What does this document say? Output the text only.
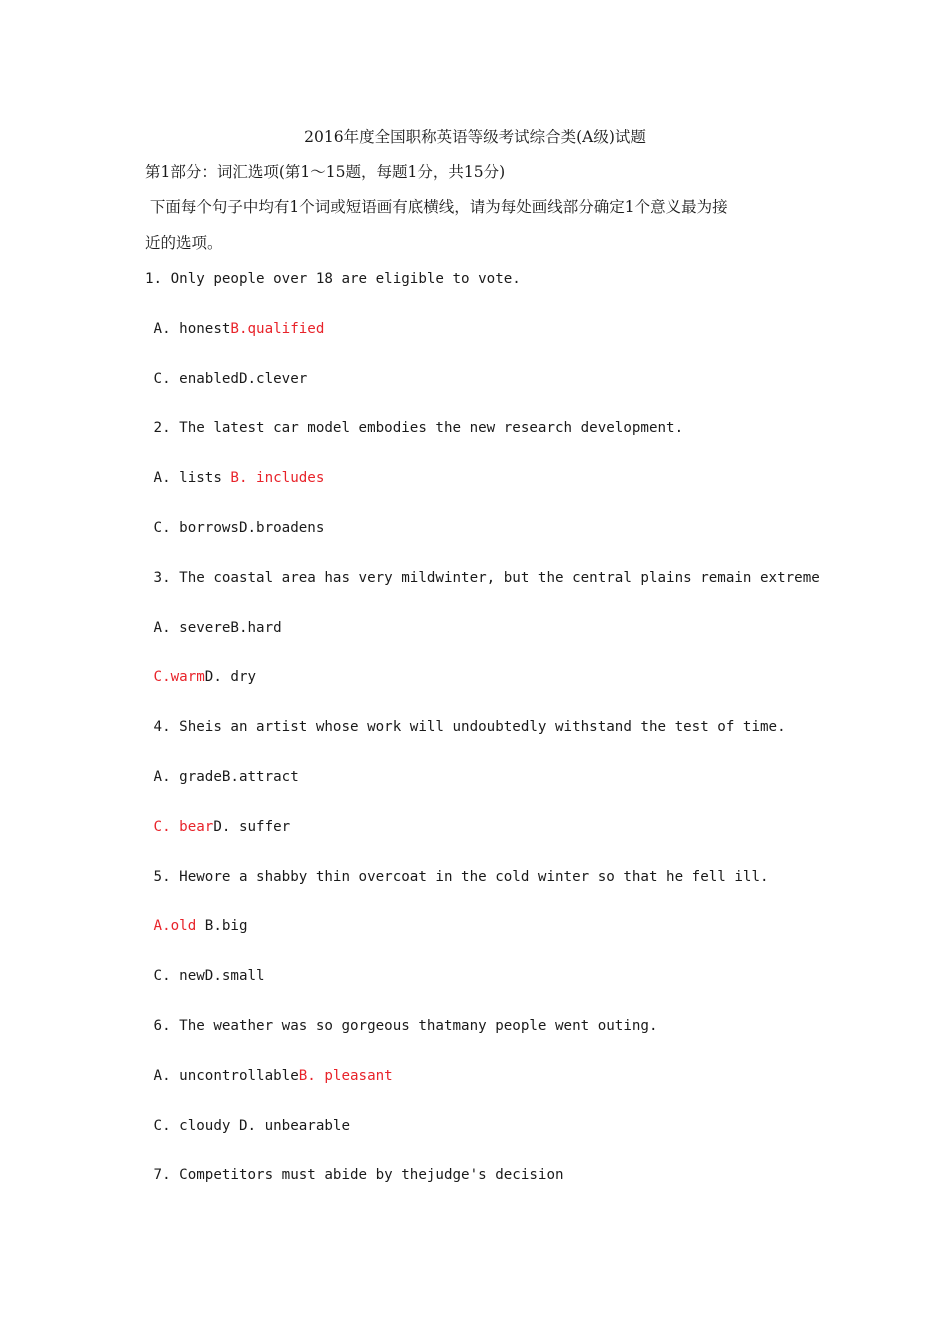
2016年度全国职称英语等级考试综合类(A级)试题
第1部分：词汇选项(第1～15题，每题1分，共15分)
下面每个句子中均有1个词或短语画有底横线，请为每处画线部分确定1个意义最为接
近的选项。
1. Only people over 18 are eligible to vote.
A. honestB.qualified
C. enabledD.clever
2. The latest car model embodies the new research development.
A. lists B. includes
C. borrowsD.broadens
3. The coastal area has very mildwinter, but the central plains remain extreme
A. severeB.hard
C.warmD. dry
4. Sheis an artist whose work will undoubtedly withstand the test of time.
A. gradeB.attract
C. bearD. suffer
5. Hewore a shabby thin overcoat in the cold winter so that he fell ill.
A.old B.big
C. newD.small
6. The weather was so gorgeous thatmany people went outing.
A. uncontrollableB. pleasant
C. cloudy D. unbearable
7. Competitors must abide by thejudge's decision
